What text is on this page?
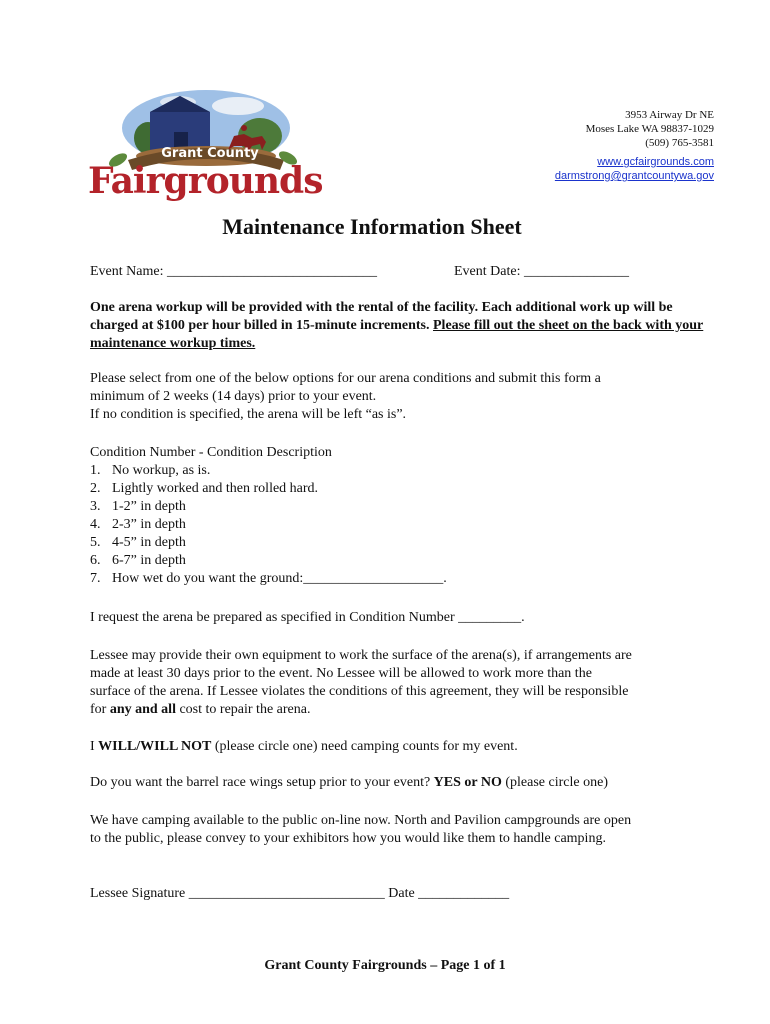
Grant County
Fairgrounds
3953 Airway Dr NE
Moses Lake WA 98837-1029
(509) 765-3581
www.gcfairgrounds.com
darmstrong@grantcountywa.gov
Maintenance Information Sheet
Event Name: ______________________________	Event Date: _______________
One arena workup will be provided with the rental of the facility. Each additional work up will be charged at $100 per hour billed in 15-minute increments. Please fill out the sheet on the back with your maintenance workup times.
Please select from one of the below options for our arena conditions and submit this form a
minimum of 2 weeks (14 days) prior to your event.
If no condition is specified, the arena will be left “as is”.
Condition Number - Condition Description
1. No workup, as is.
2. Lightly worked and then rolled hard.
3. 1-2” in depth
4. 2-3” in depth
5. 4-5” in depth
6. 6-7” in depth
7. How wet do you want the ground:____________________.
I request the arena be prepared as specified in Condition Number _________.
Lessee may provide their own equipment to work the surface of the arena(s), if arrangements are
made at least 30 days prior to the event. No Lessee will be allowed to work more than the
surface of the arena. If Lessee violates the conditions of this agreement, they will be responsible
for any and all cost to repair the arena.
I WILL/WILL NOT (please circle one) need camping counts for my event.
Do you want the barrel race wings setup prior to your event? YES or NO (please circle one)
We have camping available to the public on-line now. North and Pavilion campgrounds are open
to the public, please convey to your exhibitors how you would like them to handle camping.
Lessee Signature ____________________________ Date _____________
Grant County Fairgrounds – Page 1 of 1
